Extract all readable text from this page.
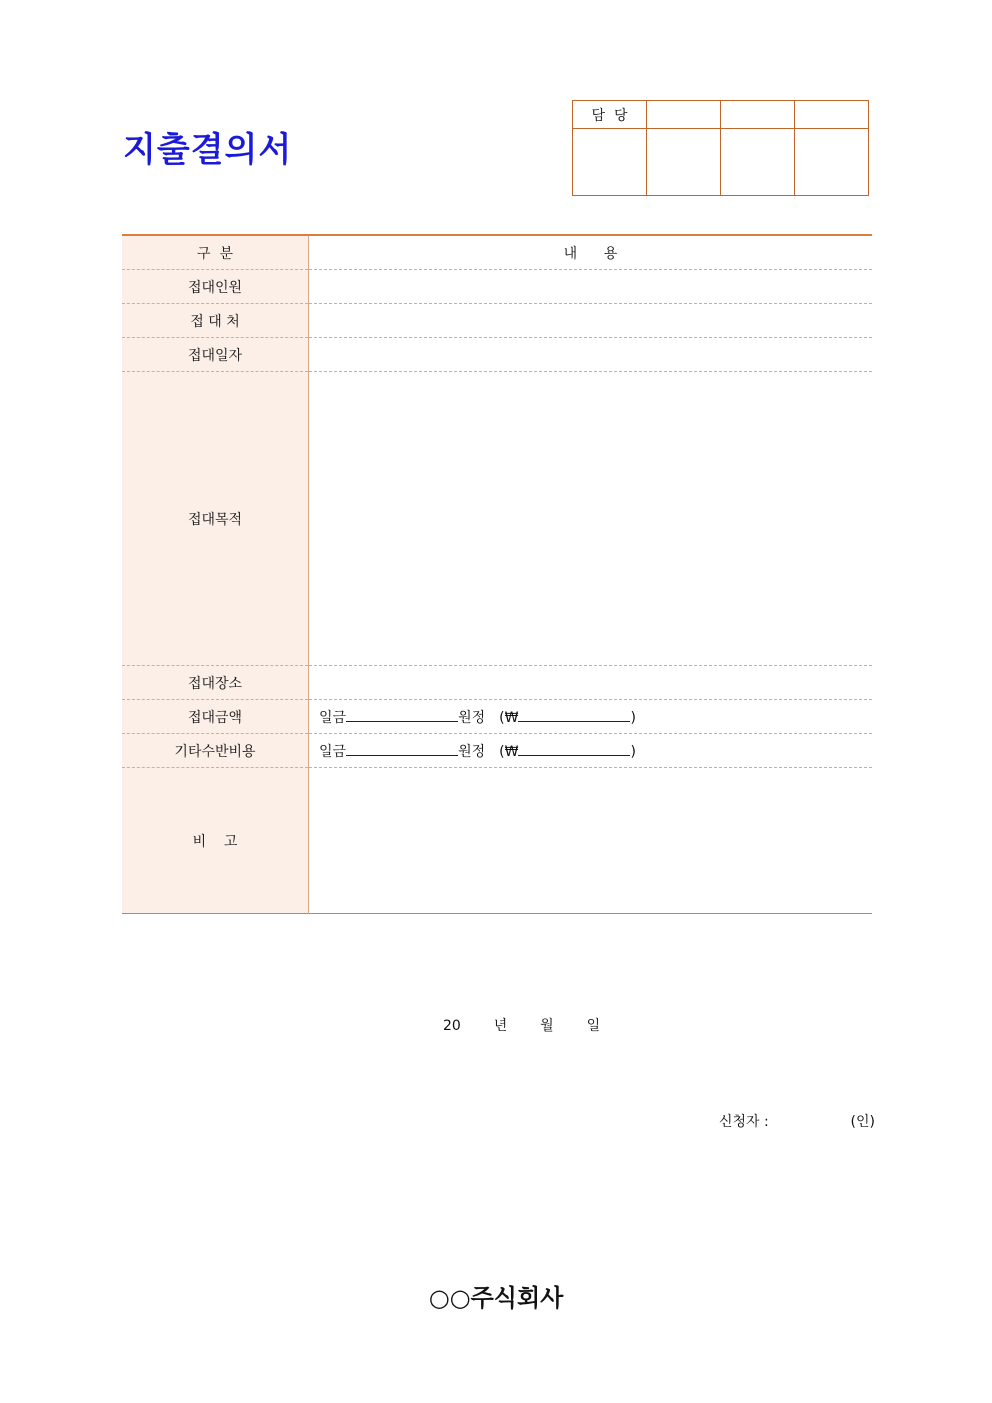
지출결의서
담  당			

구  분	내      용
접대인원	
접 대 처	
접대일자	
접대목적	
접대장소	
접대금액	일금 원정 (₩ )
기타수반비용	일금 원정 (₩ )
비    고	
20  년  월  일
신청자 :	(인)
○○주식회사
